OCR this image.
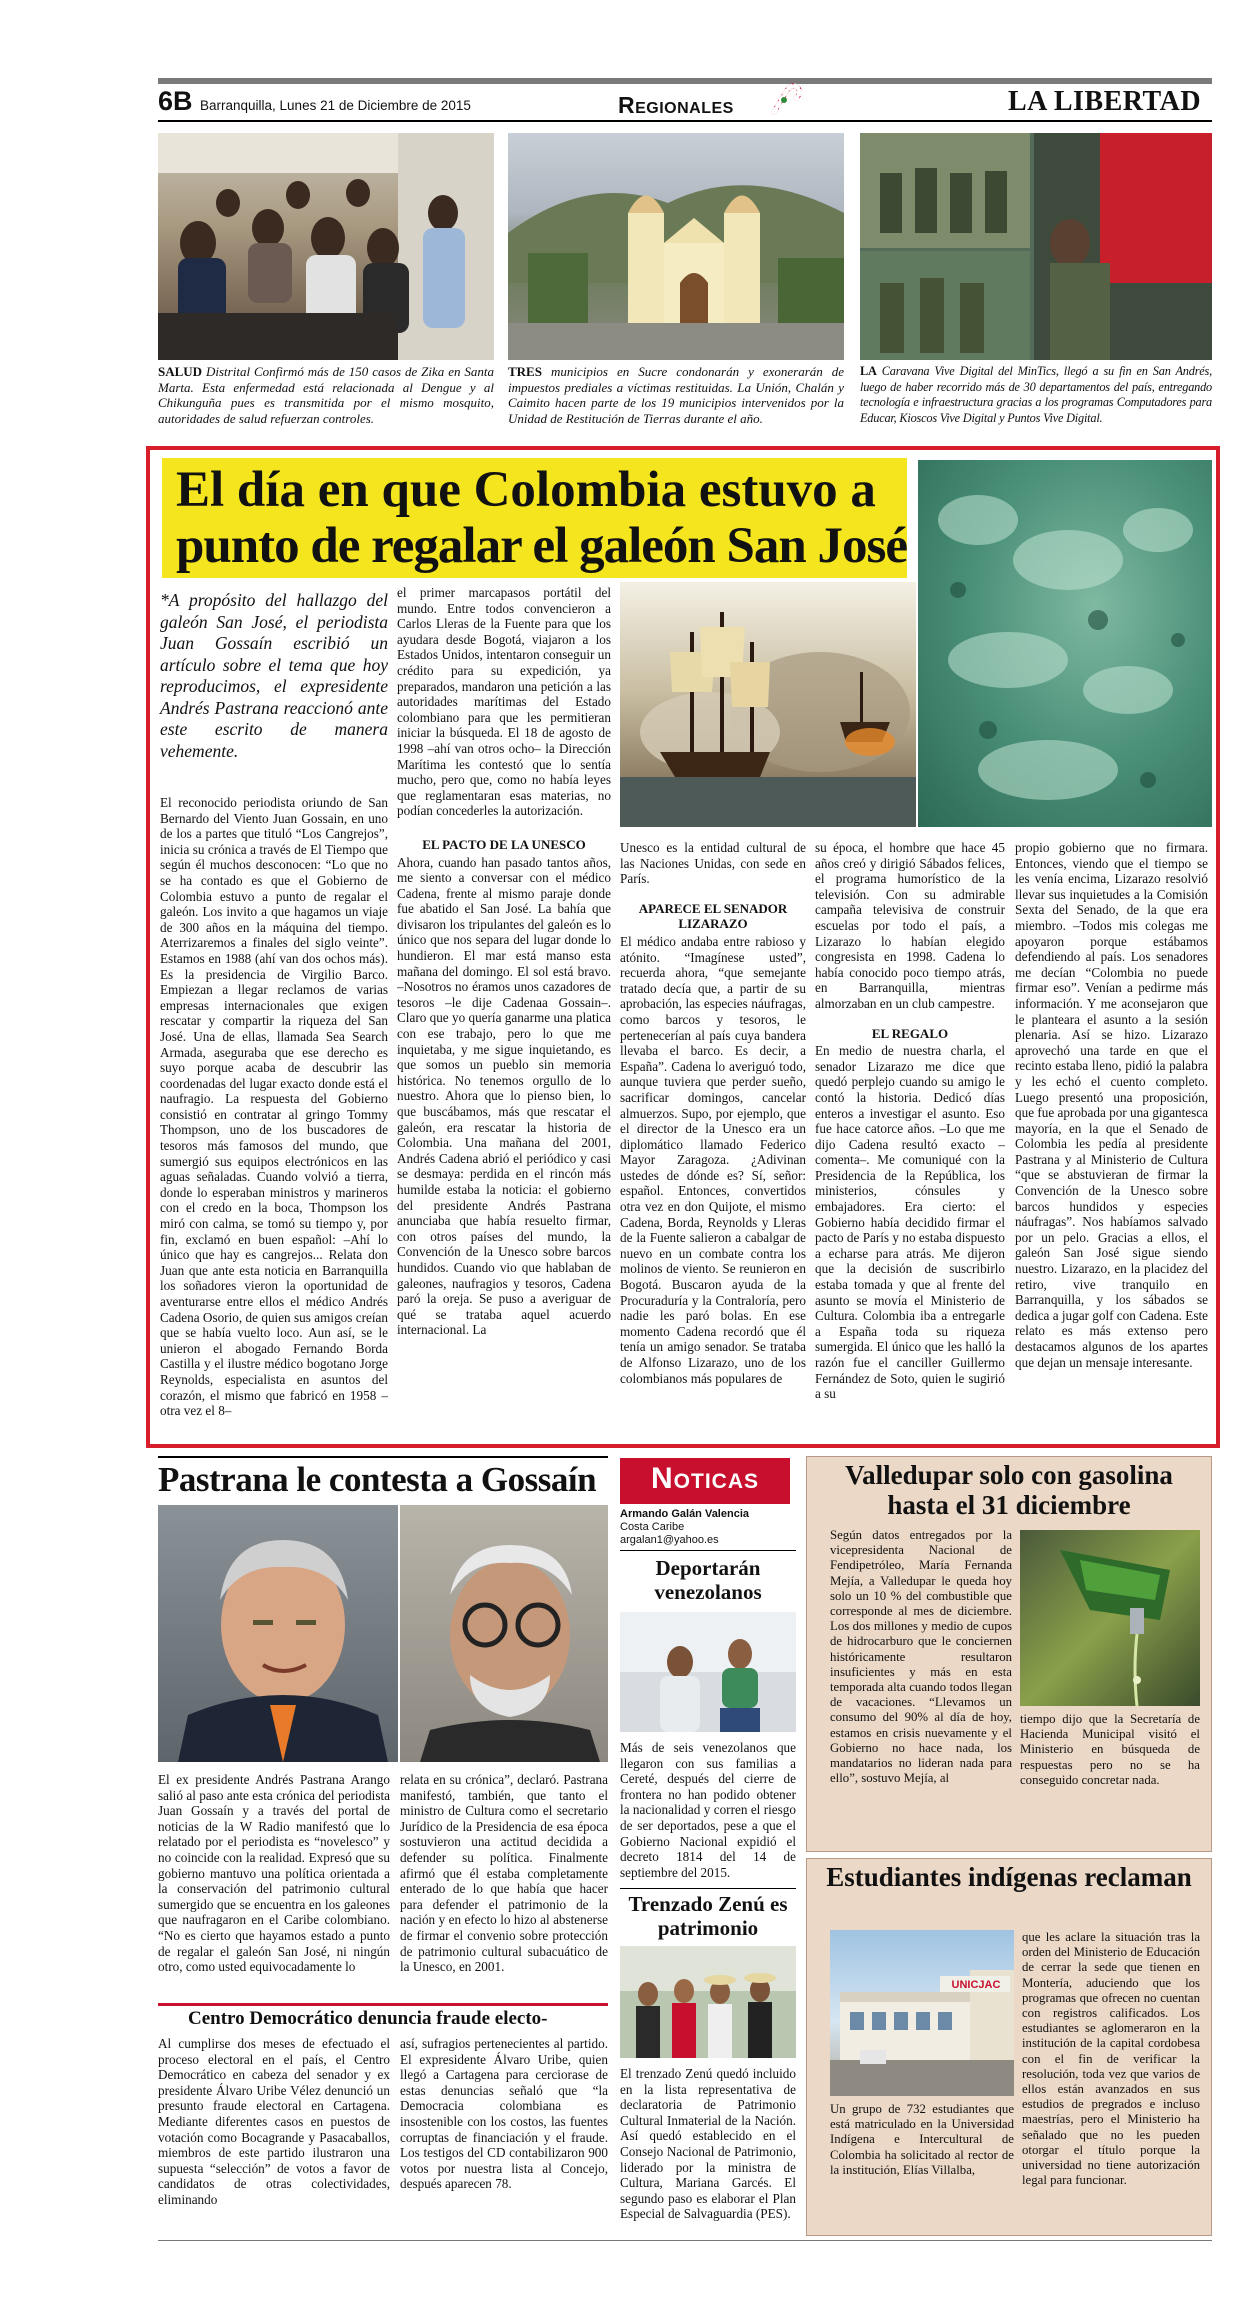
6B Barranquilla, Lunes 21 de Diciembre de 2015	Regionales	LA LIBERTAD
SALUD Distrital Confirmó más de 150 casos de Zika en Santa Marta. Esta enfermedad está relacionada al Dengue y al Chikunguña pues es transmitida por el mismo mosquito, autoridades de salud refuerzan controles.
TRES municipios en Sucre condonarán y exonerarán de impuestos prediales a víctimas restituidas. La Unión, Chalán y Caimito hacen parte de los 19 municipios intervenidos por la Unidad de Restitución de Tierras durante el año.
LA Caravana Vive Digital del MinTics, llegó a su fin en San Andrés, luego de haber recorrido más de 30 departamentos del país, entregando tecnología e infraestructura gracias a los programas Computadores para Educar, Kioscos Vive Digital y Puntos Vive Digital.
El día en que Colombia estuvo a
punto de regalar el galeón San José
*A propósito del hallazgo del galeón San José, el periodista Juan Gossaín escribió un artículo sobre el tema que hoy reproducimos, el expresidente Andrés Pastrana reaccionó ante este escrito de manera vehemente.
El reconocido periodista oriundo de San Bernardo del Viento Juan Gossain, en uno de los a partes que tituló “Los Cangrejos”, inicia su crónica a través de El Tiempo que según él muchos desconocen: “Lo que no se ha contado es que el Gobierno de Colombia estuvo a punto de regalar el galeón. Los invito a que hagamos un viaje de 300 años en la máquina del tiempo. Aterrizaremos a finales del siglo veinte”. Estamos en 1988 (ahí van dos ochos más). Es la presidencia de Virgilio Barco. Empiezan a llegar reclamos de varias empresas internacionales que exigen rescatar y compartir la riqueza del San José. Una de ellas, llamada Sea Search Armada, aseguraba que ese derecho es suyo porque acaba de descubrir las coordenadas del lugar exacto donde está el naufragio. La respuesta del Gobierno consistió en contratar al gringo Tommy Thompson, uno de los buscadores de tesoros más famosos del mundo, que sumergió sus equipos electrónicos en las aguas señaladas. Cuando volvió a tierra, donde lo esperaban ministros y marineros con el credo en la boca, Thompson los miró con calma, se tomó su tiempo y, por fin, exclamó en buen español: –Ahí lo único que hay es cangrejos... Relata don Juan que ante esta noticia en Barranquilla los soñadores vieron la oportunidad de aventurarse entre ellos el médico Andrés Cadena Osorio, de quien sus amigos creían que se había vuelto loco. Aun así, se le unieron el abogado Fernando Borda Castilla y el ilustre médico bogotano Jorge Reynolds, especialista en asuntos del corazón, el mismo que fabricó en 1958 –otra vez el 8–

el primer marcapasos portátil del mundo. Entre todos convencieron a Carlos Lleras de la Fuente para que los ayudara desde Bogotá, viajaron a los Estados Unidos, intentaron conseguir un crédito para su expedición, ya preparados, mandaron una petición a las autoridades marítimas del Estado colombiano para que les permitieran iniciar la búsqueda. El 18 de agosto de 1998 –ahí van otros ocho– la Dirección Marítima les contestó que lo sentía mucho, pero que, como no había leyes que reglamentaran esas materias, no podían concederles la autorización.

EL PACTO DE LA UNESCO

Ahora, cuando han pasado tantos años, me siento a conversar con el médico Cadena, frente al mismo paraje donde fue abatido el San José. La bahía que divisaron los tripulantes del galeón es lo único que nos separa del lugar donde lo hundieron. El mar está manso esta mañana del domingo. El sol está bravo. –Nosotros no éramos unos cazadores de tesoros –le dije Cadenaa Gossain–. Claro que yo quería ganarme una platica con ese trabajo, pero lo que me inquietaba, y me sigue inquietando, es que somos un pueblo sin memoria histórica. No tenemos orgullo de lo nuestro. Ahora que lo pienso bien, lo que buscábamos, más que rescatar el galeón, era rescatar la historia de Colombia. Una mañana del 2001, Andrés Cadena abrió el periódico y casi se desmaya: perdida en el rincón más humilde estaba la noticia: el gobierno del presidente Andrés Pastrana anunciaba que había resuelto firmar, con otros países del mundo, la Convención de la Unesco sobre barcos hundidos. Cuando vio que hablaban de galeones, naufragios y tesoros, Cadena paró la oreja. Se puso a averiguar de qué se trataba aquel acuerdo internacional. La

Unesco es la entidad cultural de las Naciones Unidas, con sede en París.

APARECE EL SENADOR LIZARAZO

El médico andaba entre rabioso y atónito. “Imagínese usted”, recuerda ahora, “que semejante tratado decía que, a partir de su aprobación, las especies náufragas, como barcos y tesoros, le pertenecerían al país cuya bandera llevaba el barco. Es decir, a España”. Cadena lo averiguó todo, aunque tuviera que perder sueño, sacrificar domingos, cancelar almuerzos. Supo, por ejemplo, que el director de la Unesco era un diplomático llamado Federico Mayor Zaragoza. ¿Adivinan ustedes de dónde es? Sí, señor: español. Entonces, convertidos otra vez en don Quijote, el mismo Cadena, Borda, Reynolds y Lleras de la Fuente salieron a cabalgar de nuevo en un combate contra los molinos de viento. Se reunieron en Bogotá. Buscaron ayuda de la Procuraduría y la Contraloría, pero nadie les paró bolas. En ese momento Cadena recordó que él tenía un amigo senador. Se trataba de Alfonso Lizarazo, uno de los colombianos más populares de

su época, el hombre que hace 45 años creó y dirigió Sábados felices, el programa humorístico de la televisión. Con su admirable campaña televisiva de construir escuelas por todo el país, a Lizarazo lo habían elegido congresista en 1998. Cadena lo había conocido poco tiempo atrás, en Barranquilla, mientras almorzaban en un club campestre.

EL REGALO

En medio de nuestra charla, el senador Lizarazo me dice que quedó perplejo cuando su amigo le contó la historia. Dedicó días enteros a investigar el asunto. Eso fue hace catorce años. –Lo que me dijo Cadena resultó exacto –comenta–. Me comuniqué con la Presidencia de la República, los ministerios, cónsules y embajadores. Era cierto: el Gobierno había decidido firmar el pacto de París y no estaba dispuesto a echarse para atrás. Me dijeron que la decisión de suscribirlo estaba tomada y que al frente del asunto se movía el Ministerio de Cultura. Colombia iba a entregarle a España toda su riqueza sumergida. El único que les halló la razón fue el canciller Guillermo Fernández de Soto, quien le sugirió a su

propio gobierno que no firmara. Entonces, viendo que el tiempo se les venía encima, Lizarazo resolvió llevar sus inquietudes a la Comisión Sexta del Senado, de la que era miembro. –Todos mis colegas me apoyaron porque estábamos defendiendo al país. Los senadores me decían “Colombia no puede firmar eso”. Venían a pedirme más información. Y me aconsejaron que le planteara el asunto a la sesión plenaria. Así se hizo. Lizarazo aprovechó una tarde en que el recinto estaba lleno, pidió la palabra y les echó el cuento completo. Luego presentó una proposición, que fue aprobada por una gigantesca mayoría, en la que el Senado de Colombia les pedía al presidente Pastrana y al Ministerio de Cultura “que se abstuvieran de firmar la Convención de la Unesco sobre barcos hundidos y especies náufragas”. Nos habíamos salvado por un pelo. Gracias a ellos, el galeón San José sigue siendo nuestro. Lizarazo, en la placidez del retiro, vive tranquilo en Barranquilla, y los sábados se dedica a jugar golf con Cadena. Este relato es más extenso pero destacamos algunos de los apartes que dejan un mensaje interesante.
Pastrana le contesta a Gossaín
El ex presidente Andrés Pastrana Arango salió al paso ante esta crónica del periodista Juan Gossaín y a través del portal de noticias de la W Radio manifestó que lo relatado por el periodista es “novelesco” y no coincide con la realidad. Expresó que su gobierno mantuvo una política orientada a la conservación del patrimonio cultural sumergido que se encuentra en los galeones que naufragaron en el Caribe colombiano. “No es cierto que hayamos estado a punto de regalar el galeón San José, ni ningún otro, como usted equivocadamente lo
relata en su crónica”, declaró. Pastrana manifestó, también, que tanto el ministro de Cultura como el secretario Jurídico de la Presidencia de esa época sostuvieron una actitud decidida a defender su política. Finalmente afirmó que él estaba completamente enterado de lo que había que hacer para defender el patrimonio de la nación y en efecto lo hizo al abstenerse de firmar el convenio sobre protección de patrimonio cultural subacuático de la Unesco, en 2001.
Centro Democrático denuncia fraude electo-
Al cumplirse dos meses de efectuado el proceso electoral en el país, el Centro Democrático en cabeza del senador y ex presidente Álvaro Uribe Vélez denunció un presunto fraude electoral en Cartagena. Mediante diferentes casos en puestos de votación como Bocagrande y Pasacaballos, miembros de este partido ilustraron una supuesta “selección” de votos a favor de candidatos de otras colectividades, eliminando
así, sufragios pertenecientes al partido. El expresidente Álvaro Uribe, quien llegó a Cartagena para cerciorase de estas denuncias señaló que “la Democracia colombiana es insostenible con los costos, las fuentes corruptas de financiación y el fraude. Los testigos del CD contabilizaron 900 votos por nuestra lista al Concejo, después aparecen 78.
Noticas
Armando Galán Valencia
Costa Caribe
argalan1@yahoo.es
Deportarán venezolanos
Más de seis venezolanos que llegaron con sus familias a Cereté, después del cierre de frontera no han podido obtener la nacionalidad y corren el riesgo de ser deportados, pese a que el Gobierno Nacional expidió el decreto 1814 del 14 de septiembre del 2015.
Trenzado Zenú es patrimonio
El trenzado Zenú quedó incluido en la lista representativa de declaratoria de Patrimonio Cultural Inmaterial de la Nación. Así quedó establecido en el Consejo Nacional de Patrimonio, liderado por la ministra de Cultura, Mariana Garcés. El segundo paso es elaborar el Plan Especial de Salvaguardia (PES).
Valledupar solo con gasolina hasta el 31 diciembre
Según datos entregados por la vicepresidenta Nacional de Fendipetróleo, María Fernanda Mejía, a Valledupar le queda hoy solo un 10 % del combustible que corresponde al mes de diciembre. Los dos millones y medio de cupos de hidrocarburo que le conciernen históricamente resultaron insuficientes y más en esta temporada alta cuando todos llegan de vacaciones. “Llevamos un consumo del 90% al día de hoy, estamos en crisis nuevamente y el Gobierno no hace nada, los mandatarios no lideran nada para ello”, sostuvo Mejía, al
tiempo dijo que la Secretaría de Hacienda Municipal visitó el Ministerio en búsqueda de respuestas pero no se ha conseguido concretar nada.
Estudiantes indígenas reclaman
UNICJAC
Un grupo de 732 estudiantes que está matriculado en la Universidad Indígena e Intercultural de Colombia ha solicitado al rector de la institución, Elías Villalba,
que les aclare la situación tras la orden del Ministerio de Educación de cerrar la sede que tienen en Montería, aduciendo que los programas que ofrecen no cuentan con registros calificados. Los estudiantes se aglomeraron en la institución de la capital cordobesa con el fin de verificar la resolución, toda vez que varios de ellos están avanzados en sus estudios de pregrados e incluso maestrías, pero el Ministerio ha señalado que no les pueden otorgar el título porque la universidad no tiene autorización legal para funcionar.
